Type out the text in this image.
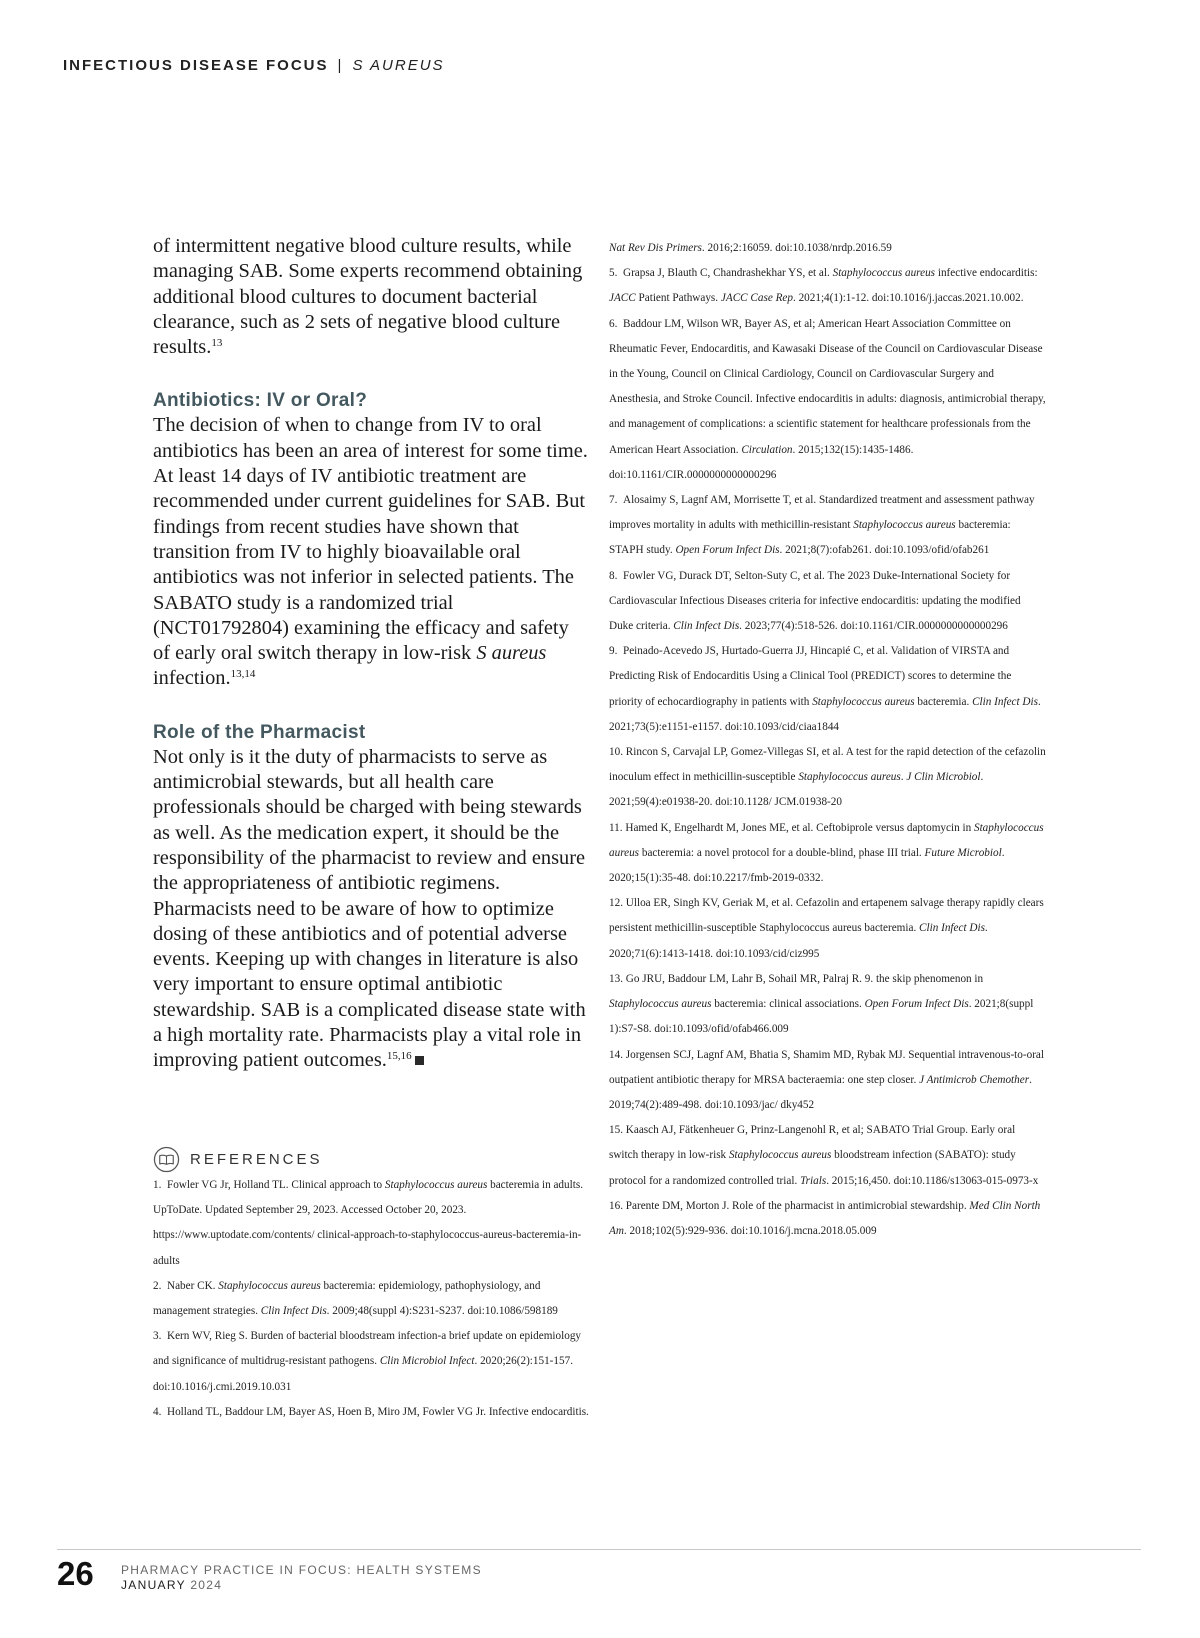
INFECTIOUS DISEASE FOCUS | S AUREUS

of intermittent negative blood culture results, while managing SAB. Some experts recommend obtaining additional blood cultures to document bacterial clearance, such as 2 sets of negative blood culture results.$^{13}$

Antibiotics: IV or Oral?

The decision of when to change from IV to oral antibiotics has been an area of interest for some time. At least 14 days of IV antibiotic treatment are recommended under current guidelines for SAB. But findings from recent studies have shown that transition from IV to highly bioavailable oral antibiotics was not inferior in selected patients. The SABATO study is a randomized trial (NCT01792804) examining the efficacy and safety of early oral switch therapy in low-risk S aureus infection.$^{13,14}$

Role of the Pharmacist

Not only is it the duty of pharmacists to serve as antimicrobial stewards, but all health care professionals should be charged with being stewards as well. As the medication expert, it should be the responsibility of the pharmacist to review and ensure the appropriateness of antibiotic regimens. Pharmacists need to be aware of how to optimize dosing of these antibiotics and of potential adverse events. Keeping up with changes in literature is also very important to ensure optimal antibiotic stewardship. SAB is a complicated disease state with a high mortality rate. Pharmacists play a vital role in improving patient outcomes.$^{15,16}$

REFERENCES

1.  Fowler VG Jr, Holland TL. Clinical approach to Staphylococcus aureus bacteremia in adults. UpToDate. Updated September 29, 2023. Accessed October 20, 2023. https://www.uptodate.com/contents/ clinical-approach-to-staphylococcus-aureus-bacteremia-in-adults

2.  Naber CK. Staphylococcus aureus bacteremia: epidemiology, pathophysiology, and management strategies. Clin Infect Dis. 2009;48(suppl 4):S231-S237. doi:10.1086/598189

3.  Kern WV, Rieg S. Burden of bacterial bloodstream infection-a brief update on epidemiology and significance of multidrug-resistant pathogens. Clin Microbiol Infect. 2020;26(2):151-157. doi:10.1016/j.cmi.2019.10.031

4.  Holland TL, Baddour LM, Bayer AS, Hoen B, Miro JM, Fowler VG Jr. Infective endocarditis.

Nat Rev Dis Primers. 2016;2:16059. doi:10.1038/nrdp.2016.59

5.  Grapsa J, Blauth C, Chandrashekhar YS, et al. Staphylococcus aureus infective endocarditis: JACC Patient Pathways. JACC Case Rep. 2021;4(1):1-12. doi:10.1016/j.jaccas.2021.10.002.

6.  Baddour LM, Wilson WR, Bayer AS, et al; American Heart Association Committee on Rheumatic Fever, Endocarditis, and Kawasaki Disease of the Council on Cardiovascular Disease in the Young, Council on Clinical Cardiology, Council on Cardiovascular Surgery and Anesthesia, and Stroke Council. Infective endocarditis in adults: diagnosis, antimicrobial therapy, and management of complications: a scientific statement for healthcare professionals from the American Heart Association. Circulation. 2015;132(15):1435-1486. doi:10.1161/CIR.0000000000000296

7.  Alosaimy S, Lagnf AM, Morrisette T, et al. Standardized treatment and assessment pathway improves mortality in adults with methicillin-resistant Staphylococcus aureus bacteremia: STAPH study. Open Forum Infect Dis. 2021;8(7):ofab261. doi:10.1093/ofid/ofab261

8.  Fowler VG, Durack DT, Selton-Suty C, et al. The 2023 Duke-International Society for Cardiovascular Infectious Diseases criteria for infective endocarditis: updating the modified Duke criteria. Clin Infect Dis. 2023;77(4):518-526. doi:10.1161/CIR.0000000000000296

9.  Peinado-Acevedo JS, Hurtado-Guerra JJ, Hincapié C, et al. Validation of VIRSTA and Predicting Risk of Endocarditis Using a Clinical Tool (PREDICT) scores to determine the priority of echocardiography in patients with Staphylococcus aureus bacteremia. Clin Infect Dis. 2021;73(5):e1151-e1157. doi:10.1093/cid/ciaa1844

10. Rincon S, Carvajal LP, Gomez-Villegas SI, et al. A test for the rapid detection of the cefazolin inoculum effect in methicillin-susceptible Staphylococcus aureus. J Clin Microbiol. 2021;59(4):e01938-20. doi:10.1128/ JCM.01938-20

11. Hamed K, Engelhardt M, Jones ME, et al. Ceftobiprole versus daptomycin in Staphylococcus aureus bacteremia: a novel protocol for a double-blind, phase III trial. Future Microbiol. 2020;15(1):35-48. doi:10.2217/fmb-2019-0332.

12. Ulloa ER, Singh KV, Geriak M, et al. Cefazolin and ertapenem salvage therapy rapidly clears persistent methicillin-susceptible Staphylococcus aureus bacteremia. Clin Infect Dis. 2020;71(6):1413-1418. doi:10.1093/cid/ciz995

13. Go JRU, Baddour LM, Lahr B, Sohail MR, Palraj R. 9. the skip phenomenon in Staphylococcus aureus bacteremia: clinical associations. Open Forum Infect Dis. 2021;8(suppl 1):S7-S8. doi:10.1093/ofid/ofab466.009

14. Jorgensen SCJ, Lagnf AM, Bhatia S, Shamim MD, Rybak MJ. Sequential intravenous-to-oral outpatient antibiotic therapy for MRSA bacteraemia: one step closer. J Antimicrob Chemother. 2019;74(2):489-498. doi:10.1093/jac/ dky452

15. Kaasch AJ, Fätkenheuer G, Prinz-Langenohl R, et al; SABATO Trial Group. Early oral switch therapy in low-risk Staphylococcus aureus bloodstream infection (SABATO): study protocol for a randomized controlled trial. Trials. 2015;16,450. doi:10.1186/s13063-015-0973-x

16. Parente DM, Morton J. Role of the pharmacist in antimicrobial stewardship. Med Clin North Am. 2018;102(5):929-936. doi:10.1016/j.mcna.2018.05.009

26 PHARMACY PRACTICE IN FOCUS: HEALTH SYSTEMS
JANUARY 2024
